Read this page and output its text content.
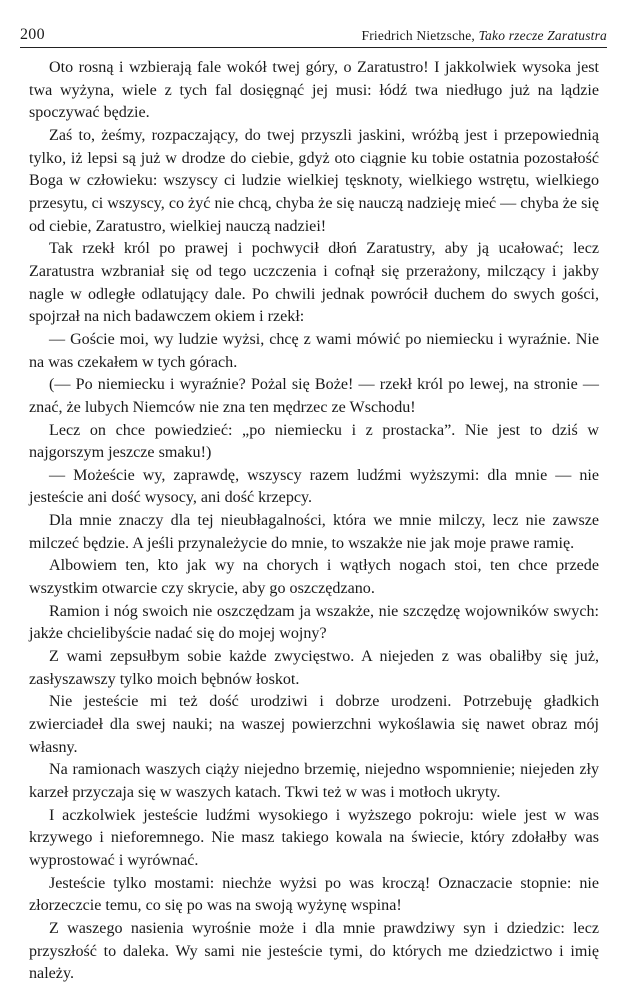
200	Friedrich Nietzsche, Tako rzecze Zaratustra

Oto rosną i wzbierają fale wokół twej góry, o Zaratustro! I jakkolwiek wysoka jest twa wyżyna, wiele z tych fal dosięgnąć jej musi: łódź twa niedługo już na lądzie spoczywać będzie.

Zaś to, żeśmy, rozpaczający, do twej przyszli jaskini, wróżbą jest i przepowiednią tylko, iż lepsi są już w drodze do ciebie, gdyż oto ciągnie ku tobie ostatnia pozostałość Boga w człowieku: wszyscy ci ludzie wielkiej tęsknoty, wielkiego wstrętu, wielkiego przesytu, ci wszyscy, co żyć nie chcą, chyba że się nauczą nadzieję mieć — chyba że się od ciebie, Zaratustro, wielkiej nauczą nadziei!

Tak rzekł król po prawej i pochwycił dłoń Zaratustry, aby ją ucałować; lecz Zaratustra wzbraniał się od tego uczczenia i cofnął się przerażony, milczący i jakby nagle w odległe odlatujący dale. Po chwili jednak powrócił duchem do swych gości, spojrzał na nich badawczem okiem i rzekł:

— Goście moi, wy ludzie wyżsi, chcę z wami mówić po niemiecku i wyraźnie. Nie na was czekałem w tych górach.

(— Po niemiecku i wyraźnie? Pożal się Boże! — rzekł król po lewej, na stronie — znać, że lubych Niemców nie zna ten mędrzec ze Wschodu!

Lecz on chce powiedzieć: „po niemiecku i z prostacka”. Nie jest to dziś w najgorszym jeszcze smaku!)

— Możeście wy, zaprawdę, wszyscy razem ludźmi wyższymi: dla mnie — nie jesteście ani dość wysocy, ani dość krzepcy.

Dla mnie znaczy dla tej nieubłagalności, która we mnie milczy, lecz nie zawsze milczeć będzie. A jeśli przynależycie do mnie, to wszakże nie jak moje prawe ramię.

Albowiem ten, kto jak wy na chorych i wątłych nogach stoi, ten chce przede wszystkim otwarcie czy skrycie, aby go oszczędzano.

Ramion i nóg swoich nie oszczędzam ja wszakże, nie szczędzę wojowników swych: jakże chcielibyście nadać się do mojej wojny?

Z wami zepsułbym sobie każde zwycięstwo. A niejeden z was obaliłby się już, zasłyszawszy tylko moich bębnów łoskot.

Nie jesteście mi też dość urodziwi i dobrze urodzeni. Potrzebuję gładkich zwierciadeł dla swej nauki; na waszej powierzchni wykoślawia się nawet obraz mój własny.

Na ramionach waszych ciąży niejedno brzemię, niejedno wspomnienie; niejeden zły karzeł przyczaja się w waszych katach. Tkwi też w was i motłoch ukryty.

I aczkolwiek jesteście ludźmi wysokiego i wyższego pokroju: wiele jest w was krzywego i nieforemnego. Nie masz takiego kowala na świecie, który zdołałby was wyprostować i wyrównać.

Jesteście tylko mostami: niechże wyżsi po was kroczą! Oznaczacie stopnie: nie złorzeczcie temu, co się po was na swoją wyżynę wspina!

Z waszego nasienia wyrośnie może i dla mnie prawdziwy syn i dziedzic: lecz przyszłość to daleka. Wy sami nie jesteście tymi, do których me dziedzictwo i imię należy.
